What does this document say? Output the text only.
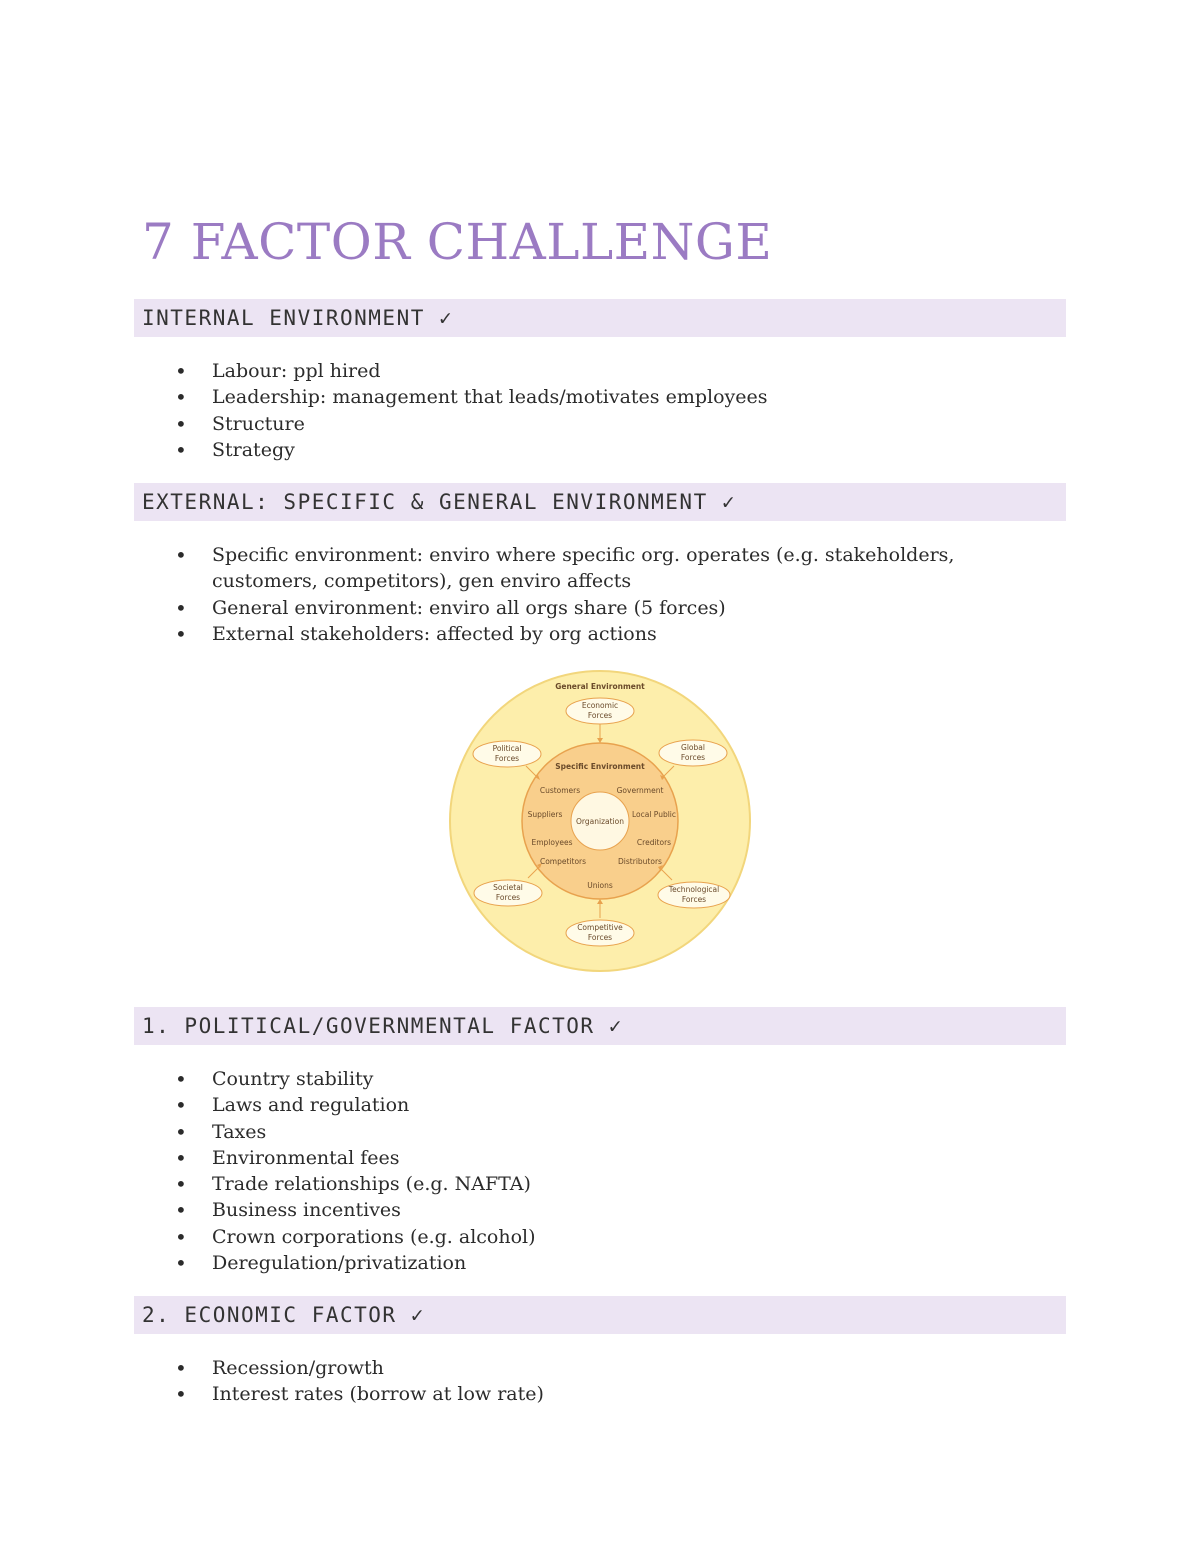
7 FACTOR CHALLENGE
INTERNAL ENVIRONMENT ✓
• Labour: ppl hired
• Leadership: management that leads/motivates employees
• Structure
• Strategy
EXTERNAL: SPECIFIC & GENERAL ENVIRONMENT ✓
• Specific environment: enviro where specific org. operates (e.g. stakeholders,
customers, competitors), gen enviro affects
• General environment: enviro all orgs share (5 forces)
• External stakeholders: affected by org actions
General Environment
Specific Environment
Organization
Economic
Forces
Global
Forces
Political
Forces
Societal
Forces
Technological
Forces
Competitive
Forces
Customers	Government
Suppliers	Local Public
Employees	Creditors
Competitors	Distributors
Unions
1. POLITICAL/GOVERNMENTAL FACTOR ✓
• Country stability
• Laws and regulation
• Taxes
• Environmental fees
• Trade relationships (e.g. NAFTA)
• Business incentives
• Crown corporations (e.g. alcohol)
• Deregulation/privatization
2. ECONOMIC FACTOR ✓
• Recession/growth
• Interest rates (borrow at low rate)
